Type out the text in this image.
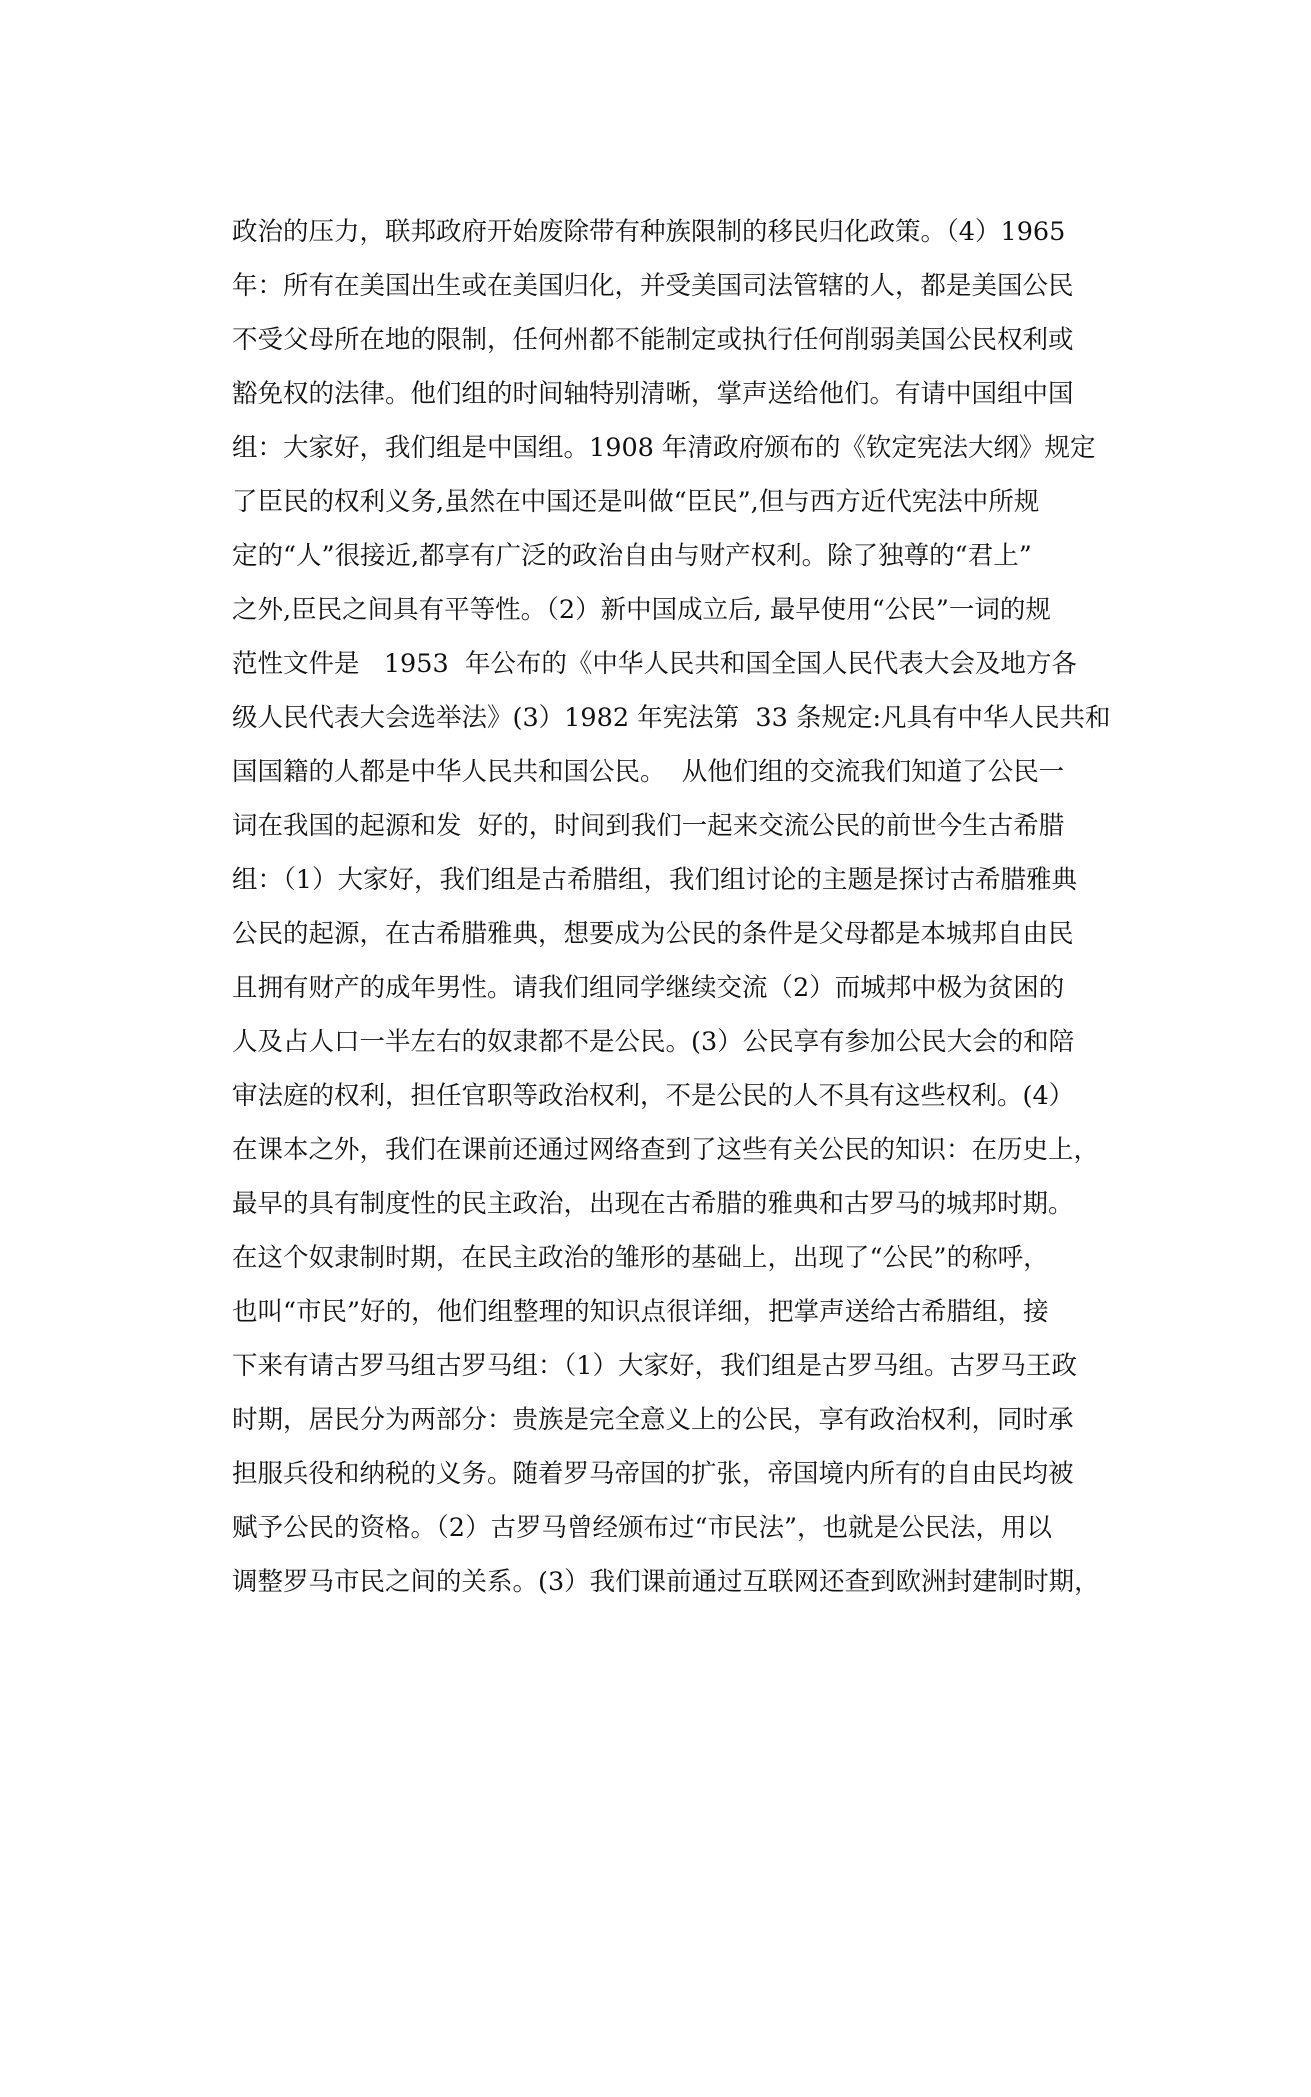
政治的压力，联邦政府开始废除带有种族限制的移民归化政策。（4）1965
年：所有在美国出生或在美国归化，并受美国司法管辖的人，都是美国公民
不受父母所在地的限制，任何州都不能制定或执行任何削弱美国公民权利或
豁免权的法律。他们组的时间轴特别清晰，掌声送给他们。有请中国组中国
组：大家好，我们组是中国组。1908 年清政府颁布的《钦定宪法大纲》规定
了臣民的权利义务,虽然在中国还是叫做“臣民”,但与西方近代宪法中所规
定的“人”很接近,都享有广泛的政治自由与财产权利。除了独尊的“君上”
之外,臣民之间具有平等性。（2）新中国成立后, 最早使用“公民”一词的规
范性文件是   1953  年公布的《中华人民共和国全国人民代表大会及地方各
级人民代表大会选举法》(3）1982 年宪法第  33 条规定:凡具有中华人民共和
国国籍的人都是中华人民共和国公民。  从他们组的交流我们知道了公民一
词在我国的起源和发  好的，时间到我们一起来交流公民的前世今生古希腊
组：（1）大家好，我们组是古希腊组，我们组讨论的主题是探讨古希腊雅典
公民的起源，在古希腊雅典，想要成为公民的条件是父母都是本城邦自由民
且拥有财产的成年男性。请我们组同学继续交流（2）而城邦中极为贫困的
人及占人口一半左右的奴隶都不是公民。(3）公民享有参加公民大会的和陪
审法庭的权利，担任官职等政治权利，不是公民的人不具有这些权利。(4）
在课本之外，我们在课前还通过网络查到了这些有关公民的知识：在历史上，
最早的具有制度性的民主政治，出现在古希腊的雅典和古罗马的城邦时期。
在这个奴隶制时期，在民主政治的雏形的基础上，出现了“公民”的称呼，
也叫“市民”好的，他们组整理的知识点很详细，把掌声送给古希腊组，接
下来有请古罗马组古罗马组：（1）大家好，我们组是古罗马组。古罗马王政
时期，居民分为两部分：贵族是完全意义上的公民，享有政治权利，同时承
担服兵役和纳税的义务。随着罗马帝国的扩张，帝国境内所有的自由民均被
赋予公民的资格。（2）古罗马曾经颁布过“市民法”，也就是公民法，用以
调整罗马市民之间的关系。(3）我们课前通过互联网还查到欧洲封建制时期，
